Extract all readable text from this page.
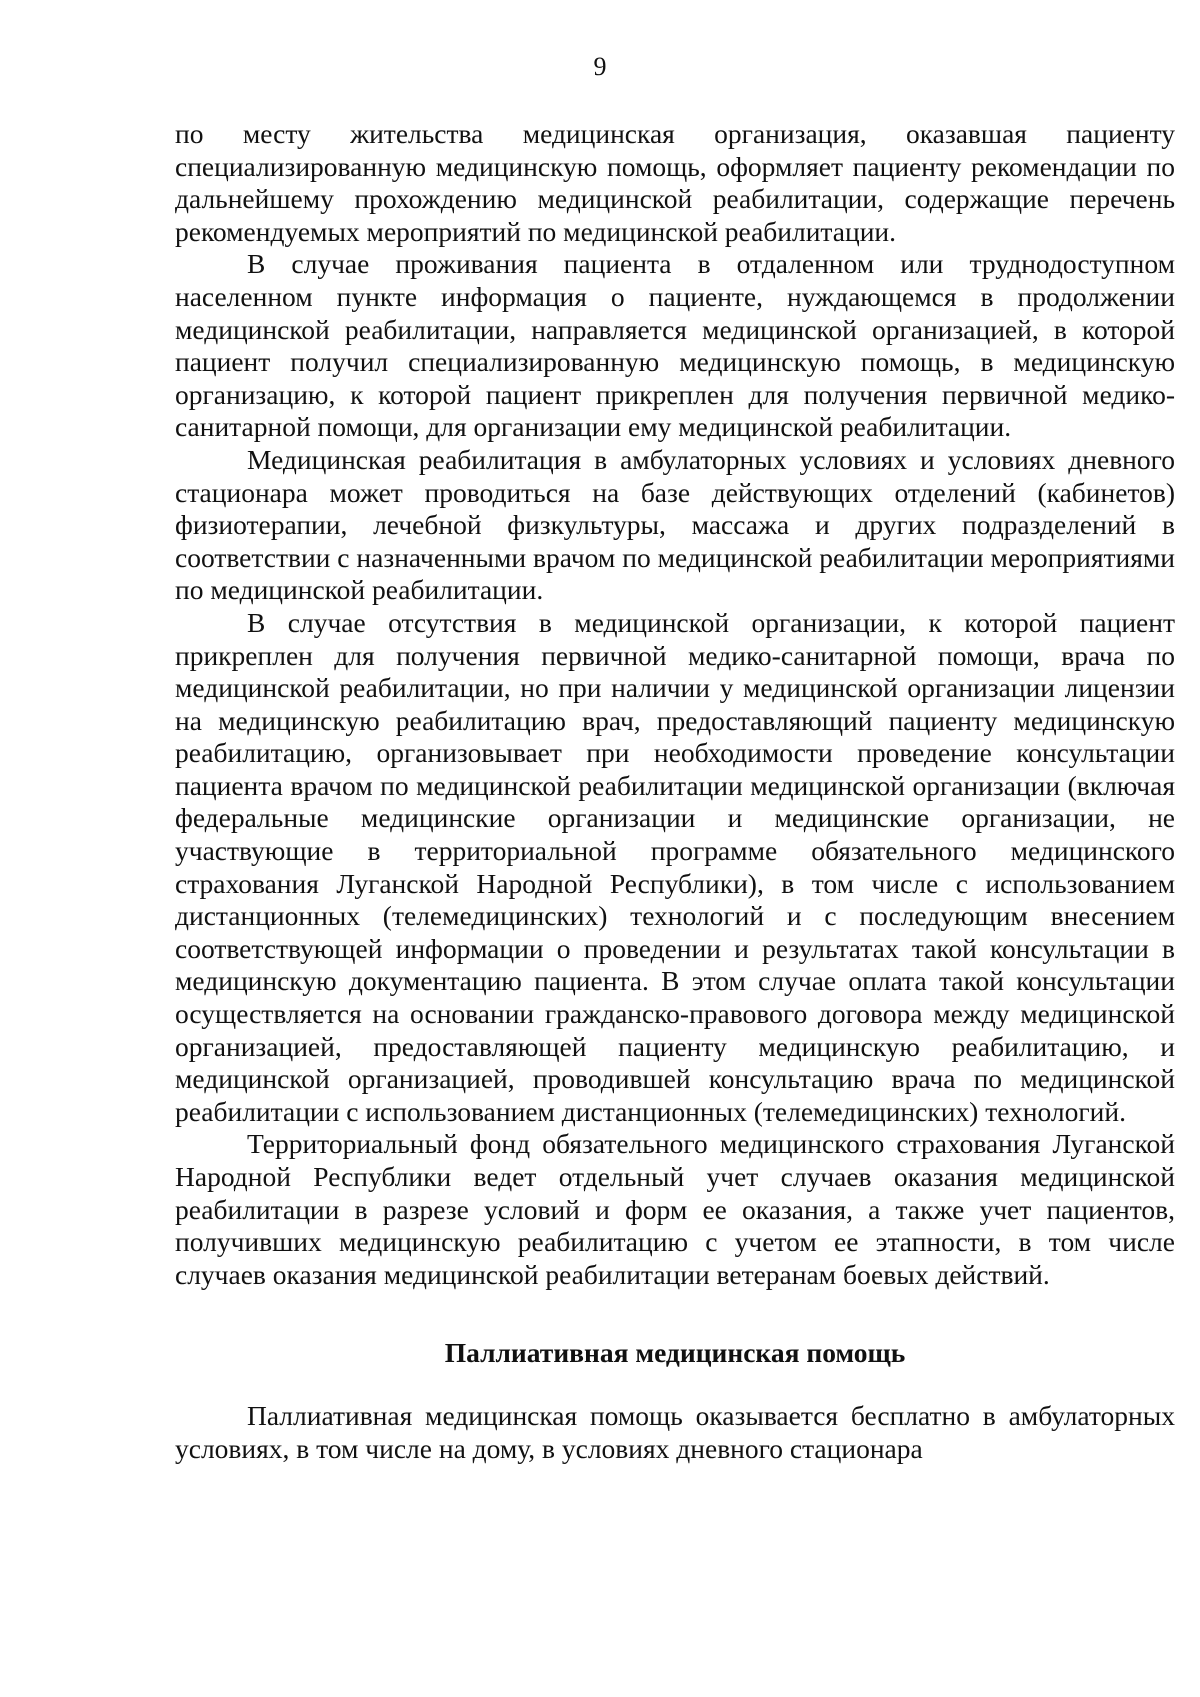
9

по месту жительства медицинская организация, оказавшая пациенту специализированную медицинскую помощь, оформляет пациенту рекомендации по дальнейшему прохождению медицинской реабилитации, содержащие перечень рекомендуемых мероприятий по медицинской реабилитации.

В случае проживания пациента в отдаленном или труднодоступном населенном пункте информация о пациенте, нуждающемся в продолжении медицинской реабилитации, направляется медицинской организацией, в которой пациент получил специализированную медицинскую помощь, в медицинскую организацию, к которой пациент прикреплен для получения первичной медико-санитарной помощи, для организации ему медицинской реабилитации.

Медицинская реабилитация в амбулаторных условиях и условиях дневного стационара может проводиться на базе действующих отделений (кабинетов) физиотерапии, лечебной физкультуры, массажа и других подразделений в соответствии с назначенными врачом по медицинской реабилитации мероприятиями по медицинской реабилитации.

В случае отсутствия в медицинской организации, к которой пациент прикреплен для получения первичной медико-санитарной помощи, врача по медицинской реабилитации, но при наличии у медицинской организации лицензии на медицинскую реабилитацию врач, предоставляющий пациенту медицинскую реабилитацию, организовывает при необходимости проведение консультации пациента врачом по медицинской реабилитации медицинской организации (включая федеральные медицинские организации и медицинские организации, не участвующие в территориальной программе обязательного медицинского страхования Луганской Народной Республики), в том числе с использованием дистанционных (телемедицинских) технологий и с последующим внесением соответствующей информации о проведении и результатах такой консультации в медицинскую документацию пациента. В этом случае оплата такой консультации осуществляется на основании гражданско-правового договора между медицинской организацией, предоставляющей пациенту медицинскую реабилитацию, и медицинской организацией, проводившей консультацию врача по медицинской реабилитации с использованием дистанционных (телемедицинских) технологий.

Территориальный фонд обязательного медицинского страхования Луганской Народной Республики ведет отдельный учет случаев оказания медицинской реабилитации в разрезе условий и форм ее оказания, а также учет пациентов, получивших медицинскую реабилитацию с учетом ее этапности, в том числе случаев оказания медицинской реабилитации ветеранам боевых действий.

Паллиативная медицинская помощь

Паллиативная медицинская помощь оказывается бесплатно в амбулаторных условиях, в том числе на дому, в условиях дневного стационара
